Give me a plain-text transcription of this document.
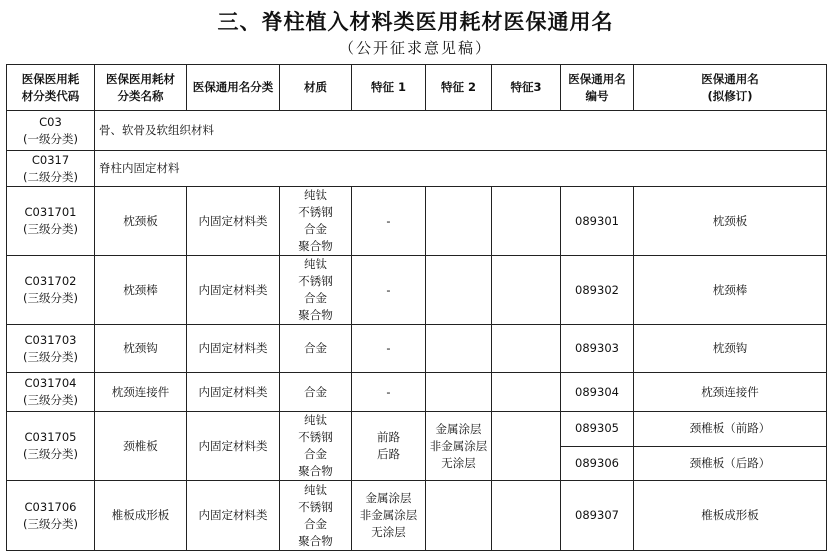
三、脊柱植入材料类医用耗材医保通用名
（公开征求意见稿）
医保医用耗
材分类代码	医保医用耗材
分类名称	医保通用名分类	材质	特征 1	特征 2	特征3	医保通用名
编号	医保通用名
(拟修订)

C03
(一级分类)	骨、软骨及软组织材料							

C0317
(二级分类)	脊柱内固定材料							

C031701
(三级分类)	枕颈板	内固定材料类	纯钛
不锈钢
合金
聚合物	-			089301	枕颈板

C031702
(三级分类)	枕颈棒	内固定材料类	纯钛
不锈钢
合金
聚合物	-			089302	枕颈棒

C031703
(三级分类)	枕颈钩	内固定材料类	合金	-			089303	枕颈钩

C031704
(三级分类)	枕颈连接件	内固定材料类	合金	-			089304	枕颈连接件

C031705
(三级分类)	颈椎板	内固定材料类	纯钛
不锈钢
合金
聚合物	前路
后路	金属涂层
非金属涂层
无涂层		089305	颈椎板（前路）
							089306	颈椎板（后路）

C031706
(三级分类)	椎板成形板	内固定材料类	纯钛
不锈钢
合金
聚合物	金属涂层
非金属涂层
无涂层			089307	椎板成形板
